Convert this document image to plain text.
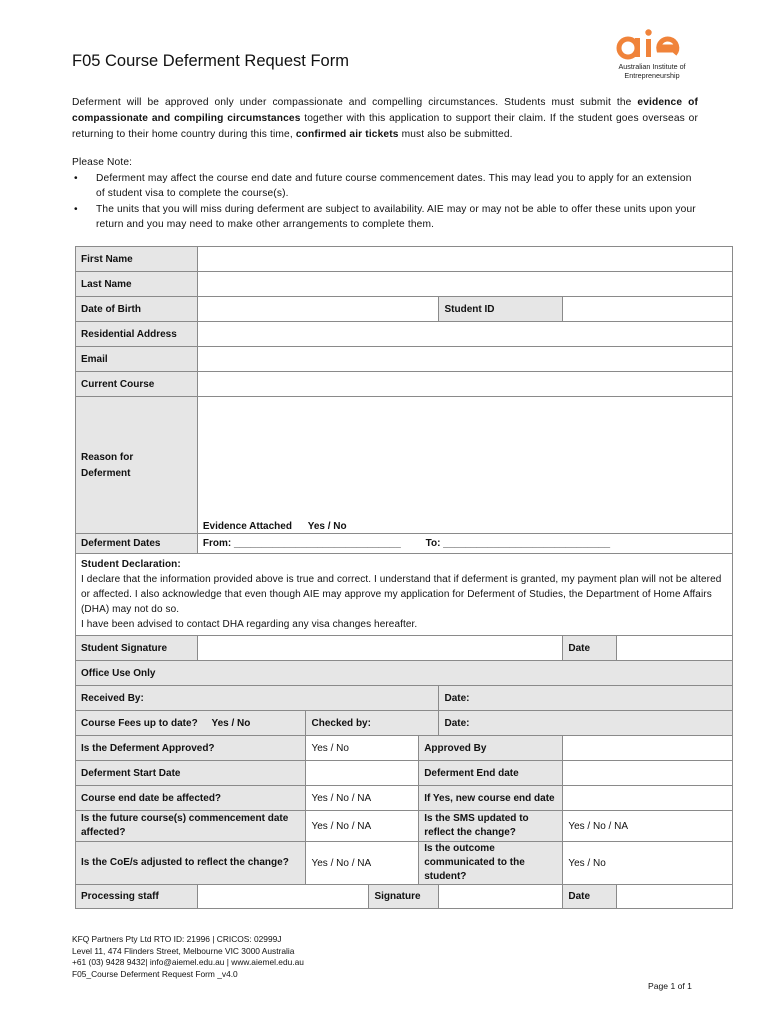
F05 Course Deferment Request Form	Australian Institute of
Entrepreneurship
Deferment will be approved only under compassionate and compelling circumstances. Students must submit the evidence of compassionate and compiling circumstances together with this application to support their claim. If the student goes overseas or returning to their home country during this time, confirmed air tickets must also be submitted.
Please Note:
• Deferment may affect the course end date and future course commencement dates. This may lead you to apply for an extension of student visa to complete the course(s).
• The units that you will miss during deferment are subject to availability. AIE may or may not be able to offer these units upon your return and you may need to make other arrangements to complete them.
First Name							
Last Name							
Date of Birth					Student ID		
Residential Address							
Email							
Current Course							

Reason for
Deferment	Evidence Attached Yes / No						
Deferment Dates	From: ______________________________ To: ______________________________						

Student Declaration:
I declare that the information provided above is true and correct. I understand that if deferment is granted, my payment plan will not be altered or affected. I also acknowledge that even though AIE may approve my application for Deferment of Studies, the Department of Home Affairs (DHA) may not do so.
I have been advised to contact DHA regarding any visa changes hereafter.							

Student Signature						Date	
Office Use Only							
Received By:					Date:		
Course Fees up to date? Yes / No		Checked by:			Date:		
Is the Deferment Approved?		Yes / No		Approved By			
Deferment Start Date				Deferment End date			
Course end date be affected?		Yes / No / NA		If Yes, new course end date			
Is the future course(s) commencement date affected?		Yes / No / NA		Is the SMS updated to reflect the change?		Yes / No / NA	
Is the CoE/s adjusted to reflect the change?		Yes / No / NA		Is the outcome communicated to the student?		Yes / No	
Processing staff			Signature			Date	
KFQ Partners Pty Ltd RTO ID: 21996 | CRICOS: 02999J
Level 11, 474 Flinders Street, Melbourne VIC 3000 Australia
+61 (03) 9428 9432| info@aiemel.edu.au | www.aiemel.edu.au
F05_Course Deferment Request Form _v4.0
Page 1 of 1
